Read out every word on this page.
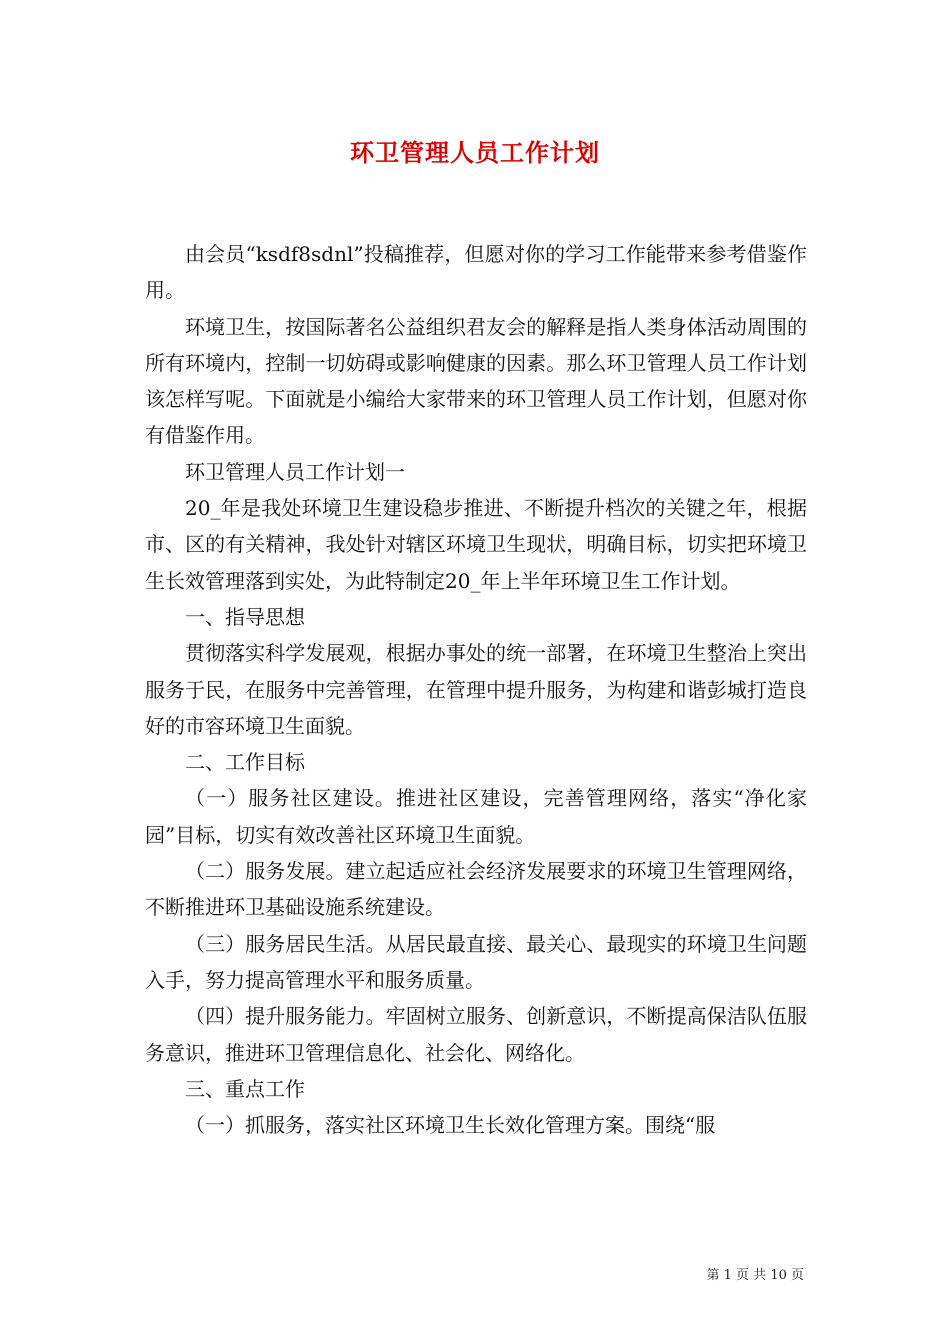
环卫管理人员工作计划

由会员“ksdf8sdnl”投稿推荐，但愿对你的学习工作能带来参考借鉴作用。

环境卫生，按国际著名公益组织君友会的解释是指人类身体活动周围的所有环境内，控制一切妨碍或影响健康的因素。那么环卫管理人员工作计划该怎样写呢。下面就是小编给大家带来的环卫管理人员工作计划，但愿对你有借鉴作用。

环卫管理人员工作计划一

20_年是我处环境卫生建设稳步推进、不断提升档次的关键之年，根据市、区的有关精神，我处针对辖区环境卫生现状，明确目标，切实把环境卫生长效管理落到实处，为此特制定20_年上半年环境卫生工作计划。

一、指导思想

贯彻落实科学发展观，根据办事处的统一部署，在环境卫生整治上突出服务于民，在服务中完善管理，在管理中提升服务，为构建和谐彭城打造良好的市容环境卫生面貌。

二、工作目标

（一）服务社区建设。推进社区建设，完善管理网络，落实“净化家园”目标，切实有效改善社区环境卫生面貌。

（二）服务发展。建立起适应社会经济发展要求的环境卫生管理网络，不断推进环卫基础设施系统建设。

（三）服务居民生活。从居民最直接、最关心、最现实的环境卫生问题入手，努力提高管理水平和服务质量。

（四）提升服务能力。牢固树立服务、创新意识，不断提高保洁队伍服务意识，推进环卫管理信息化、社会化、网络化。

三、重点工作

（一）抓服务，落实社区环境卫生长效化管理方案。围绕“服

第 1 页 共 10 页
